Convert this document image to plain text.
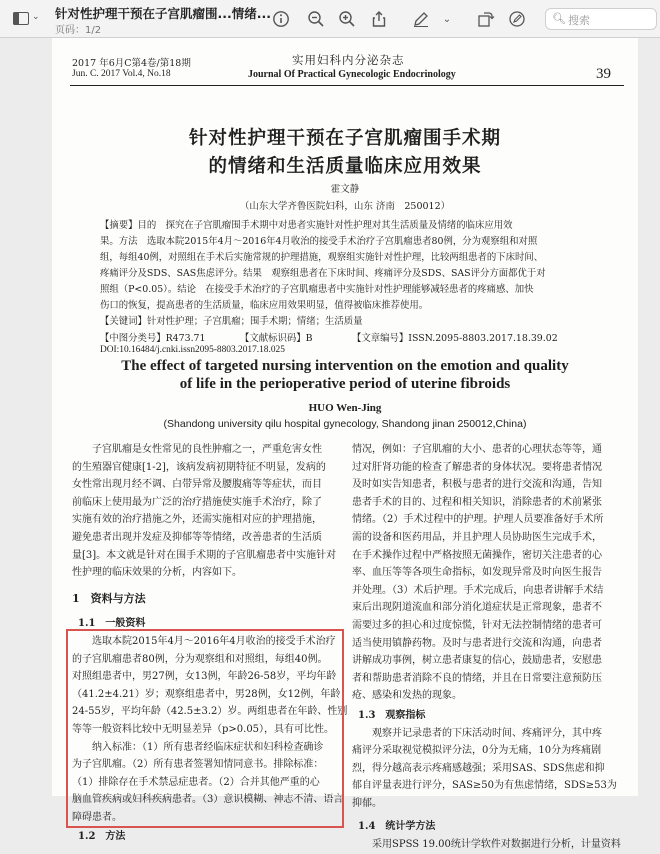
⌄ 针对性护理干预在子宫肌瘤围...情绪...
页码：1/2
⌄	🔍︎ 搜索
2017 年6月C第4卷/第18期
Jun. C. 2017 Vol.4, No.18
实用妇科内分泌杂志
Journal Of Practical Gynecologic Endocrinology	39
针对性护理干预在子宫肌瘤围手术期
的情绪和生活质量临床应用效果
霍文静
（山东大学齐鲁医院妇科，山东 济南　250012）
【摘要】目的　探究在子宫肌瘤围手术期中对患者实施针对性护理对其生活质量及情绪的临床应用效
果。方法　选取本院2015年4月～2016年4月收治的接受手术治疗子宫肌瘤患者80例，分为观察组和对照
组，每组40例，对照组在手术后实施常规的护理措施，观察组实施针对性护理，比较两组患者的下床时间、
疼痛评分及SDS、SAS焦虑评分。结果　观察组患者在下床时间、疼痛评分及SDS、SAS评分方面都优于对
照组（P<0.05）。结论　在接受手术治疗的子宫肌瘤患者中实施针对性护理能够减轻患者的疼痛感、加快
伤口的恢复，提高患者的生活质量，临床应用效果明显，值得被临床推荐使用。
【关键词】针对性护理；子宫肌瘤；围手术期；情绪；生活质量
【中图分类号】R473.71	【文献标识码】B	【文章编号】ISSN.2095-8803.2017.18.39.02
DOI:10.16484/j.cnki.issn2095-8803.2017.18.025
The effect of targeted nursing intervention on the emotion and quality
of life in the perioperative period of uterine fibroids
HUO Wen-Jing
(Shandong university qilu hospital gynecology, Shandong jinan 250012,China)
子宫肌瘤是女性常见的良性肿瘤之一，严重危害女性
的生殖器官健康[1-2]，该病发病初期特征不明显，发病的
女性常出现月经不调、白带异常及腰腹痛等等症状，而目
前临床上使用最为广泛的治疗措施使实施手术治疗，除了
实施有效的治疗措施之外，还需实施相对应的护理措施，
避免患者出现并发症及抑郁等等情绪，改善患者的生活质
量[3]。本文就是针对在围手术期的子宫肌瘤患者中实施针对
性护理的临床效果的分析，内容如下。
1　资料与方法
1.1　一般资料
选取本院2015年4月～2016年4月收治的接受手术治疗
的子宫肌瘤患者80例，分为观察组和对照组，每组40例。
对照组患者中，男27例，女13例，年龄26-58岁，平均年龄
（41.2±4.21）岁；观察组患者中，男28例，女12例，年龄
24-55岁，平均年龄（42.5±3.2）岁。两组患者在年龄、性别
等等一般资料比较中无明显差异（p>0.05），具有可比性。
纳入标准：（1）所有患者经临床症状和妇科检查确诊
为子宫肌瘤。（2）所有患者签署知情同意书。排除标准：
（1）排除存在手术禁忌症患者。（2）合并其他严重的心
脑血管疾病或妇科疾病患者。（3）意识模糊、神志不清、语言
障碍患者。
1.2　方法
情况，例如：子宫肌瘤的大小、患者的心理状态等等，通
过对肝肾功能的检查了解患者的身体状况。要将患者情况
及时如实告知患者，积极与患者的进行交流和沟通，告知
患者手术的目的、过程和相关知识，消除患者的术前紧张
情绪。（2）手术过程中的护理。护理人员要准备好手术所
需的设备和医药用品，并且护理人员协助医生完成手术，
在手术操作过程中严格按照无菌操作，密切关注患者的心
率、血压等等各项生命指标，如发现异常及时向医生报告
并处理。（3）术后护理。手术完成后，向患者讲解手术结
束后出现阴道流血和部分消化道症状是正常现象，患者不
需要过多的担心和过度惊慌，针对无法控制情绪的患者可
适当使用镇静药物。及时与患者进行交流和沟通，向患者
讲解成功事例，树立患者康复的信心，鼓励患者，安慰患
者和帮助患者消除不良的情绪，并且在日常要注意预防压
疮、感染和发热的现象。
1.3　观察指标
观察并记录患者的下床活动时间、疼痛评分，其中疼
痛评分采取视觉模拟评分法，0分为无痛，10分为疼痛剧
烈，得分越高表示疼痛感越强；采用SAS、SDS焦虑和抑
郁自评量表进行评分，SAS≥50为有焦虑情绪，SDS≥53为
抑郁。
1.4　统计学方法
采用SPSS 19.00统计学软件对数据进行分析，计量资料
